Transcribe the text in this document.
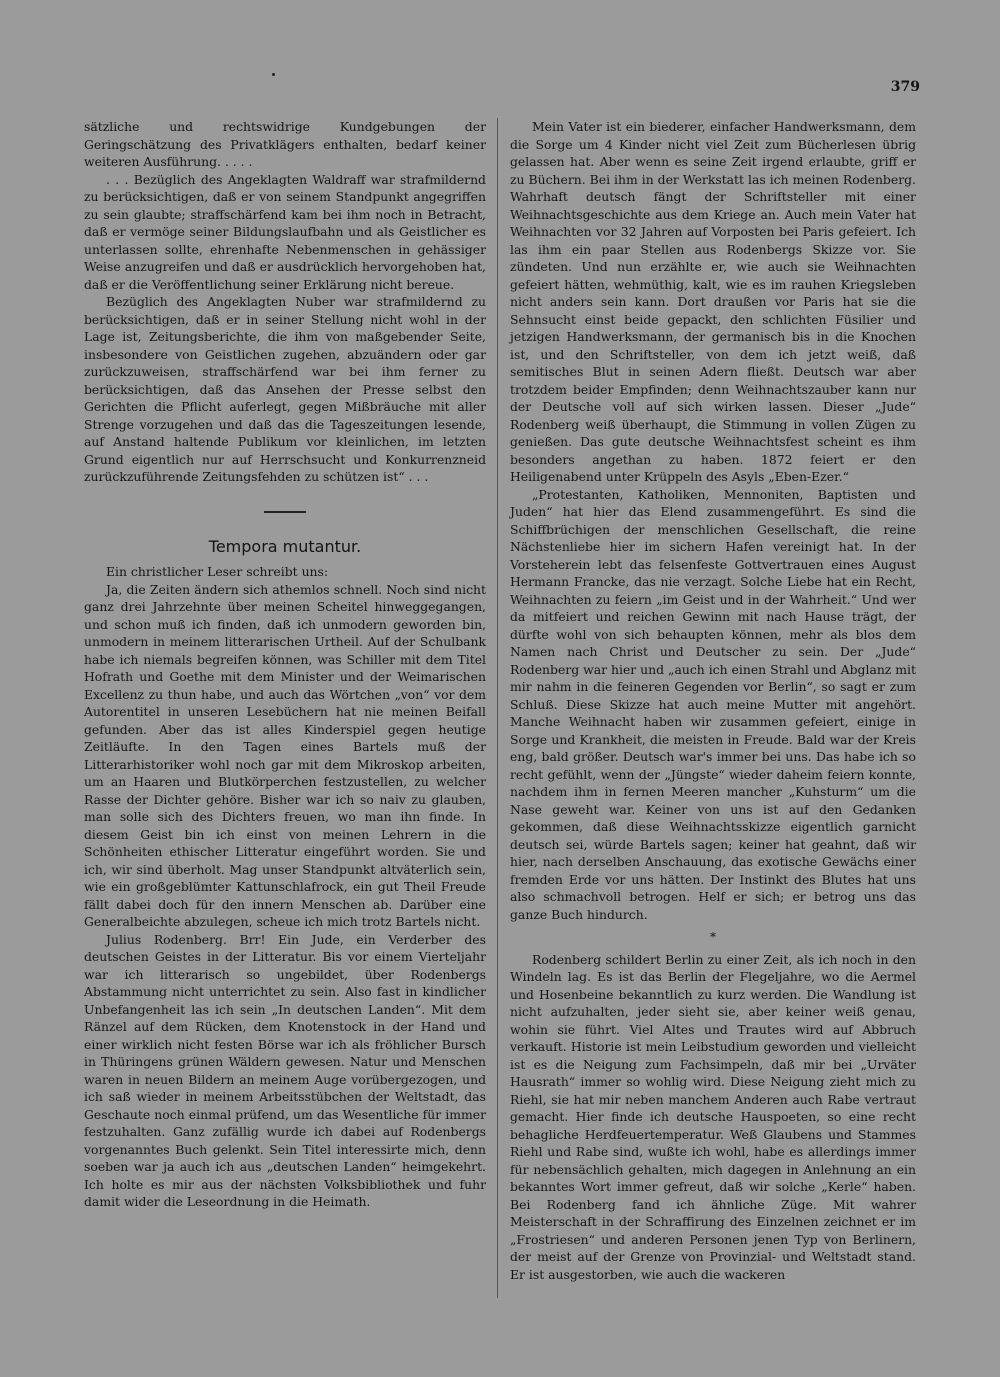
379

sätzliche und rechtswidrige Kundgebungen der Geringschätzung des Privatklägers enthalten, bedarf keiner weiteren Ausführung. . . . .

. . . Bezüglich des Angeklagten Waldraff war strafmildernd zu berücksichtigen, daß er von seinem Standpunkt angegriffen zu sein glaubte; straffschärfend kam bei ihm noch in Betracht, daß er vermöge seiner Bildungslaufbahn und als Geistlicher es unterlassen sollte, ehrenhafte Nebenmenschen in gehässiger Weise anzugreifen und daß er ausdrücklich hervorgehoben hat, daß er die Veröffentlichung seiner Erklärung nicht bereue.

Bezüglich des Angeklagten Nuber war strafmildernd zu berücksichtigen, daß er in seiner Stellung nicht wohl in der Lage ist, Zeitungsberichte, die ihm von maßgebender Seite, insbesondere von Geistlichen zugehen, abzuändern oder gar zurückzuweisen, straffschärfend war bei ihm ferner zu berücksichtigen, daß das Ansehen der Presse selbst den Gerichten die Pflicht auferlegt, gegen Mißbräuche mit aller Strenge vorzugehen und daß das die Tageszeitungen lesende, auf Anstand haltende Publikum vor kleinlichen, im letzten Grund eigentlich nur auf Herrschsucht und Konkurrenzneid zurückzuführende Zeitungsfehden zu schützen ist“ . . .

Tempora mutantur.

Ein christlicher Leser schreibt uns:

Ja, die Zeiten ändern sich athemlos schnell. Noch sind nicht ganz drei Jahrzehnte über meinen Scheitel hinweggegangen, und schon muß ich finden, daß ich unmodern geworden bin, unmodern in meinem litterarischen Urtheil. Auf der Schulbank habe ich niemals begreifen können, was Schiller mit dem Titel Hofrath und Goethe mit dem Minister und der Weimarischen Excellenz zu thun habe, und auch das Wörtchen „von“ vor dem Autorentitel in unseren Lesebüchern hat nie meinen Beifall gefunden. Aber das ist alles Kinderspiel gegen heutige Zeitläufte. In den Tagen eines Bartels muß der Litterarhistoriker wohl noch gar mit dem Mikroskop arbeiten, um an Haaren und Blutkörperchen festzustellen, zu welcher Rasse der Dichter gehöre. Bisher war ich so naiv zu glauben, man solle sich des Dichters freuen, wo man ihn finde. In diesem Geist bin ich einst von meinen Lehrern in die Schönheiten ethischer Litteratur eingeführt worden. Sie und ich, wir sind überholt. Mag unser Standpunkt altväterlich sein, wie ein großgeblümter Kattunschlafrock, ein gut Theil Freude fällt dabei doch für den innern Menschen ab. Darüber eine Generalbeichte abzulegen, scheue ich mich trotz Bartels nicht.

Julius Rodenberg. Brr! Ein Jude, ein Verderber des deutschen Geistes in der Litteratur. Bis vor einem Vierteljahr war ich litterarisch so ungebildet, über Rodenbergs Abstammung nicht unterrichtet zu sein. Also fast in kindlicher Unbefangenheit las ich sein „In deutschen Landen“. Mit dem Ränzel auf dem Rücken, dem Knotenstock in der Hand und einer wirklich nicht festen Börse war ich als fröhlicher Bursch in Thüringens grünen Wäldern gewesen. Natur und Menschen waren in neuen Bildern an meinem Auge vorübergezogen, und ich saß wieder in meinem Arbeitsstübchen der Weltstadt, das Geschaute noch einmal prüfend, um das Wesentliche für immer festzuhalten. Ganz zufällig wurde ich dabei auf Rodenbergs vorgenanntes Buch gelenkt. Sein Titel interessirte mich, denn soeben war ja auch ich aus „deutschen Landen“ heimgekehrt. Ich holte es mir aus der nächsten Volksbibliothek und fuhr damit wider die Leseordnung in die Heimath.

Mein Vater ist ein biederer, einfacher Handwerksmann, dem die Sorge um 4 Kinder nicht viel Zeit zum Bücherlesen übrig gelassen hat. Aber wenn es seine Zeit irgend erlaubte, griff er zu Büchern. Bei ihm in der Werkstatt las ich meinen Rodenberg. Wahrhaft deutsch fängt der Schriftsteller mit einer Weihnachtsgeschichte aus dem Kriege an. Auch mein Vater hat Weihnachten vor 32 Jahren auf Vorposten bei Paris gefeiert. Ich las ihm ein paar Stellen aus Rodenbergs Skizze vor. Sie zündeten. Und nun erzählte er, wie auch sie Weihnachten gefeiert hätten, wehmüthig, kalt, wie es im rauhen Kriegsleben nicht anders sein kann. Dort draußen vor Paris hat sie die Sehnsucht einst beide gepackt, den schlichten Füsilier und jetzigen Handwerksmann, der germanisch bis in die Knochen ist, und den Schriftsteller, von dem ich jetzt weiß, daß semitisches Blut in seinen Adern fließt. Deutsch war aber trotzdem beider Empfinden; denn Weihnachtszauber kann nur der Deutsche voll auf sich wirken lassen. Dieser „Jude“ Rodenberg weiß überhaupt, die Stimmung in vollen Zügen zu genießen. Das gute deutsche Weihnachtsfest scheint es ihm besonders angethan zu haben. 1872 feiert er den Heiligenabend unter Krüppeln des Asyls „Eben-Ezer.“

„Protestanten, Katholiken, Mennoniten, Baptisten und Juden“ hat hier das Elend zusammengeführt. Es sind die Schiffbrüchigen der menschlichen Gesellschaft, die reine Nächstenliebe hier im sichern Hafen vereinigt hat. In der Vorsteherein lebt das felsenfeste Gottvertrauen eines August Hermann Francke, das nie verzagt. Solche Liebe hat ein Recht, Weihnachten zu feiern „im Geist und in der Wahrheit.“ Und wer da mitfeiert und reichen Gewinn mit nach Hause trägt, der dürfte wohl von sich behaupten können, mehr als blos dem Namen nach Christ und Deutscher zu sein. Der „Jude“ Rodenberg war hier und „auch ich einen Strahl und Abglanz mit mir nahm in die feineren Gegenden vor Berlin“, so sagt er zum Schluß. Diese Skizze hat auch meine Mutter mit angehört. Manche Weihnacht haben wir zusammen gefeiert, einige in Sorge und Krankheit, die meisten in Freude. Bald war der Kreis eng, bald größer. Deutsch war's immer bei uns. Das habe ich so recht gefühlt, wenn der „Jüngste“ wieder daheim feiern konnte, nachdem ihm in fernen Meeren mancher „Kuhsturm“ um die Nase geweht war. Keiner von uns ist auf den Gedanken gekommen, daß diese Weihnachtsskizze eigentlich garnicht deutsch sei, würde Bartels sagen; keiner hat geahnt, daß wir hier, nach derselben Anschauung, das exotische Gewächs einer fremden Erde vor uns hätten. Der Instinkt des Blutes hat uns also schmachvoll betrogen. Helf er sich; er betrog uns das ganze Buch hindurch.

*

Rodenberg schildert Berlin zu einer Zeit, als ich noch in den Windeln lag. Es ist das Berlin der Flegeljahre, wo die Aermel und Hosenbeine bekanntlich zu kurz werden. Die Wandlung ist nicht aufzuhalten, jeder sieht sie, aber keiner weiß genau, wohin sie führt. Viel Altes und Trautes wird auf Abbruch verkauft. Historie ist mein Leibstudium geworden und vielleicht ist es die Neigung zum Fachsimpeln, daß mir bei „Urväter Hausrath“ immer so wohlig wird. Diese Neigung zieht mich zu Riehl, sie hat mir neben manchem Anderen auch Rabe vertraut gemacht. Hier finde ich deutsche Hauspoeten, so eine recht behagliche Herdfeuertemperatur. Weß Glaubens und Stammes Riehl und Rabe sind, wußte ich wohl, habe es allerdings immer für nebensächlich gehalten, mich dagegen in Anlehnung an ein bekanntes Wort immer gefreut, daß wir solche „Kerle“ haben. Bei Rodenberg fand ich ähnliche Züge. Mit wahrer Meisterschaft in der Schraffirung des Einzelnen zeichnet er im „Frostriesen“ und anderen Personen jenen Typ von Berlinern, der meist auf der Grenze von Provinzial- und Weltstadt stand. Er ist ausgestorben, wie auch die wackeren
